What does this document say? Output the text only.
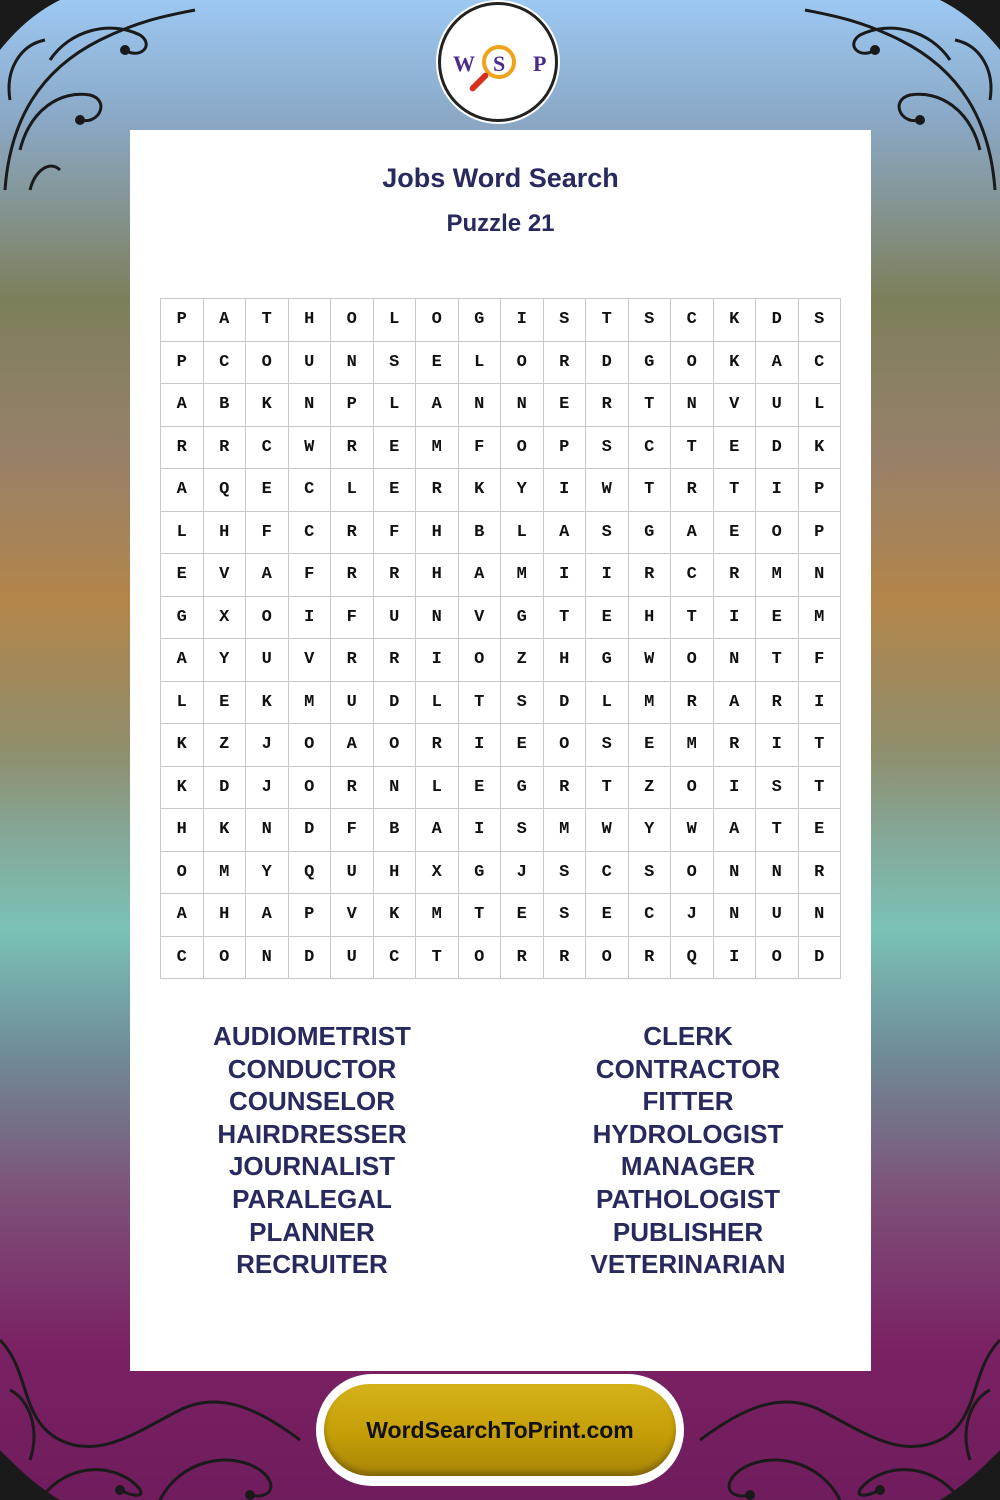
W S P
Jobs Word Search
Puzzle 21
P	A	T	H	O	L	O	G	I	S	T	S	C	K	D	S
P	C	O	U	N	S	E	L	O	R	D	G	O	K	A	C
A	B	K	N	P	L	A	N	N	E	R	T	N	V	U	L
R	R	C	W	R	E	M	F	O	P	S	C	T	E	D	K
A	Q	E	C	L	E	R	K	Y	I	W	T	R	T	I	P
L	H	F	C	R	F	H	B	L	A	S	G	A	E	O	P
E	V	A	F	R	R	H	A	M	I	I	R	C	R	M	N
G	X	O	I	F	U	N	V	G	T	E	H	T	I	E	M
A	Y	U	V	R	R	I	O	Z	H	G	W	O	N	T	F
L	E	K	M	U	D	L	T	S	D	L	M	R	A	R	I
K	Z	J	O	A	O	R	I	E	O	S	E	M	R	I	T
K	D	J	O	R	N	L	E	G	R	T	Z	O	I	S	T
H	K	N	D	F	B	A	I	S	M	W	Y	W	A	T	E
O	M	Y	Q	U	H	X	G	J	S	C	S	O	N	N	R
A	H	A	P	V	K	M	T	E	S	E	C	J	N	U	N
C	O	N	D	U	C	T	O	R	R	O	R	Q	I	O	D
AUDIOMETRIST
CONDUCTOR
COUNSELOR
HAIRDRESSER
JOURNALIST
PARALEGAL
PLANNER
RECRUITER
CLERK
CONTRACTOR
FITTER
HYDROLOGIST
MANAGER
PATHOLOGIST
PUBLISHER
VETERINARIAN
WordSearchToPrint.com
